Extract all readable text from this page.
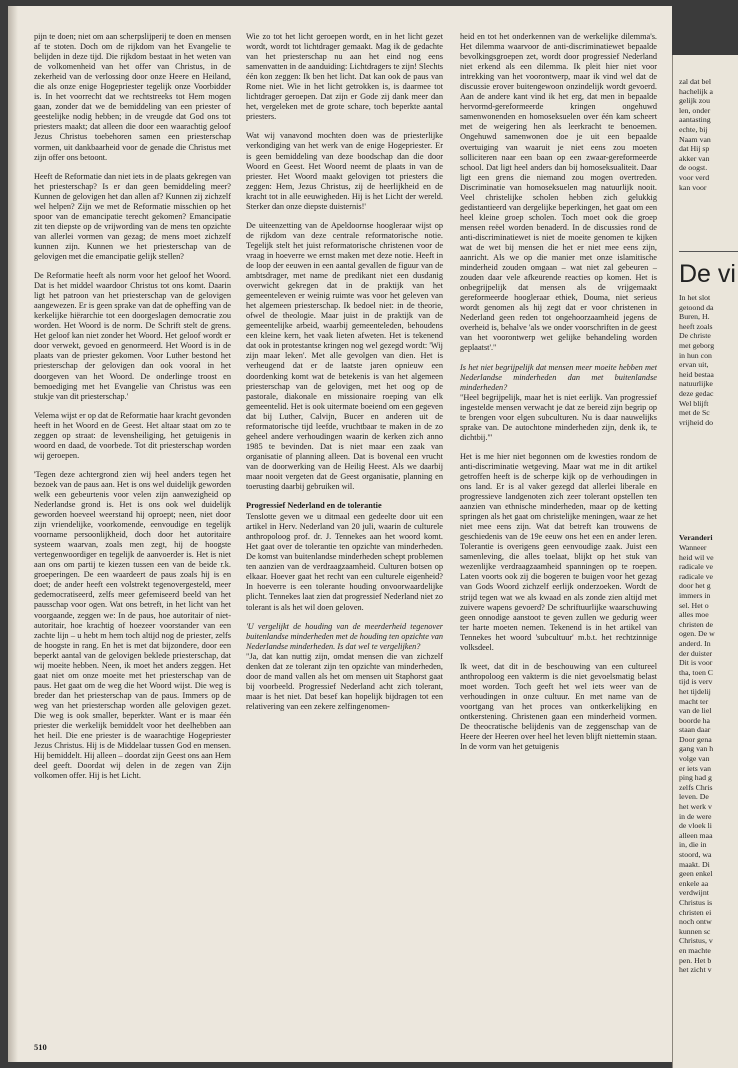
pijn te doen; niet om aan scherpslijperij te doen en mensen af te stoten. Doch om de rijkdom van het Evangelie te belijden in deze tijd. Die rijkdom bestaat in het weten van de volkomenheid van het offer van Christus, in de zekerheid van de verlossing door onze Heere en Heiland, die als onze enige Hogepriester tegelijk onze Voorbidder is. In het voorrecht dat we rechtstreeks tot Hem mogen gaan, zonder dat we de bemiddeling van een priester of geestelijke nodig hebben; in de vreugde dat God ons tot priesters maakt; dat alleen die door een waarachtig geloof Jezus Christus toebehoren samen een priesterschap vormen, uit dankbaarheid voor de genade die Christus met zijn offer ons betoont.

Heeft de Reformatie dan niet iets in de plaats gekregen van het priesterschap? Is er dan geen bemiddeling meer? Kunnen de gelovigen het dan allen af? Kunnen zij zichzelf wel helpen? Zijn we met de Reformatie misschien op het spoor van de emancipatie terecht gekomen? Emancipatie zit ten diepste op de vrijwording van de mens ten opzichte van allerlei vormen van gezag; de mens moet zichzelf kunnen zijn. Kunnen we het priesterschap van de gelovigen met die emancipatie gelijk stellen?

De Reformatie heeft als norm voor het geloof het Woord. Dat is het middel waardoor Christus tot ons komt. Daarin ligt het patroon van het priesterschap van de gelovigen aangewezen. Er is geen sprake van dat de opheffing van de kerkelijke hiërarchie tot een doorgeslagen democratie zou worden. Het Woord is de norm. De Schrift stelt de grens. Het geloof kan niet zonder het Woord. Het geloof wordt er door verwekt, gevoed en genormeerd. Het Woord is in de plaats van de priester gekomen. Voor Luther bestond het priesterschap der gelovigen dan ook vooral in het doorgeven van het Woord. De onderlinge troost en bemoediging met het Evangelie van Christus was een stukje van dit priesterschap.'

Velema wijst er op dat de Reformatie haar kracht gevonden heeft in het Woord en de Geest. Het altaar staat om zo te zeggen op straat: de levensheiliging, het getuigenis in woord en daad, de voorbede. Tot dit priesterschap worden wij geroepen.

'Tegen deze achtergrond zien wij heel anders tegen het bezoek van de paus aan. Het is ons wel duidelijk geworden welk een gebeurtenis voor velen zijn aanwezigheid op Nederlandse grond is. Het is ons ook wel duidelijk geworden hoeveel weerstand hij oproept; neen, niet door zijn vriendelijke, voorkomende, eenvoudige en tegelijk voorname persoonlijkheid, doch door het autoritaire systeem waarvan, zoals men zegt, hij de hoogste vertegenwoordiger en tegelijk de aanvoerder is. Het is niet aan ons om partij te kiezen tussen een van de beide r.k. groeperingen. De een waardeert de paus zoals hij is en doet; de ander heeft een volstrekt tegenovergesteld, meer gedemocratiseerd, zelfs meer gefemiseerd beeld van het pausschap voor ogen. Wat ons betreft, in het licht van het voorgaande, zeggen we: In de paus, hoe autoritair of niet-autoritair, hoe krachtig of hoezeer voorstander van een zachte lijn – u hebt m hem toch altijd nog de priester, zelfs de hoogste in rang. En het is met dat bijzondere, door een beperkt aantal van de gelovigen beklede priesterschap, dat wij moeite hebben. Neen, ik moet het anders zeggen. Het gaat niet om onze moeite met het priesterschap van de paus. Het gaat om de weg die het Woord wijst. Die weg is breder dan het priesterschap van de paus. Immers op de weg van het priesterschap worden alle gelovigen gezet. Die weg is ook smaller, beperkter. Want er is maar één priester die werkelijk bemiddelt voor het deelhebben aan het heil. Die ene priester is de waarachtige Hogepriester Jezus Christus. Hij is de Middelaar tussen God en mensen. Hij bemiddelt. Hij alleen – doordat zijn Geest ons aan Hem deel geeft. Doordat wij delen in de zegen van Zijn volkomen offer. Hij is het Licht.

Wie zo tot het licht geroepen wordt, en in het licht gezet wordt, wordt tot lichtdrager gemaakt. Mag ik de gedachte van het priesterschap nu aan het eind nog eens samenvatten in de aanduiding: Lichtdragers te zijn! Slechts één kon zeggen: Ik ben het licht. Dat kan ook de paus van Rome niet. Wie in het licht getrokken is, is daarmee tot lichtdrager geroepen. Dat zijn er Gode zij dank meer dan het, vergeleken met de grote schare, toch beperkte aantal priesters.

Wat wij vanavond mochten doen was de priesterlijke verkondiging van het werk van de enige Hogepriester. Er is geen bemiddeling van deze boodschap dan die door Woord en Geest. Het Woord neemt de plaats in van de priester. Het Woord maakt gelovigen tot priesters die zeggen: Hem, Jezus Christus, zij de heerlijkheid en de kracht tot in alle eeuwigheden. Hij is het Licht der wereld. Sterker dan onze diepste duisternis!'

De uiteenzetting van de Apeldoornse hoogleraar wijst op de rijkdom van deze centrale reformatorische notie. Tegelijk stelt het juist reformatorische christenen voor de vraag in hoeverre we ernst maken met deze notie. Heeft in de loop der eeuwen in een aantal gevallen de figuur van de ambtsdrager, met name de predikant niet een dusdanig overwicht gekregen dat in de praktijk van het gemeenteleven er weinig ruimte was voor het geleven van het algemeen priesterschap. Ik bedoel niet: in de theorie, ofwel de theologie. Maar juist in de praktijk van de gemeentelijke arbeid, waarbij gemeenteleden, behoudens een kleine kern, het vaak lieten afweten. Het is tekenend dat ook in protestantse kringen nog wel gezegd wordt: 'Wij zijn maar leken'. Met alle gevolgen van dien. Het is verheugend dat er de laatste jaren opnieuw een doordenking komt wat de betekenis is van het algemeen priesterschap van de gelovigen, met het oog op de pastorale, diakonale en missionaire roeping van elk gemeentelid. Het is ook uitermate boeiend om een gegeven dat bij Luther, Calvijn, Bucer en anderen uit de reformatorische tijd leefde, vruchtbaar te maken in de zo geheel andere verhoudingen waarin de kerken zich anno 1985 te bevinden. Dat is niet maar een zaak van organisatie of planning alleen. Dat is bovenal een vrucht van de doorwerking van de Heilig Heest. Als we daarbij maar nooit vergeten dat de Geest organisatie, planning en toerusting daarbij gebruiken wil.

Progressief Nederland en de tolerantie

Tenslotte geven we u ditmaal een gedeelte door uit een artikel in Herv. Nederland van 20 juli, waarin de culturele anthropoloog prof. dr. J. Tennekes aan het woord komt. Het gaat over de tolerantie ten opzichte van minderheden. De komst van buitenlandse minderheden schept problemen ten aanzien van de verdraagzaamheid. Culturen botsen op elkaar. Hoever gaat het recht van een culturele eigenheid? In hoeverre is een tolerante houding onvoorwaardelijke plicht. Tennekes laat zien dat progressief Nederland niet zo tolerant is als het wil doen geloven.

'U vergelijkt de houding van de meerderheid tegenover buitenlandse minderheden met de houding ten opzichte van Nederlandse minderheden. Is dat wel te vergelijken?

"Ja, dat kan nuttig zijn, omdat mensen die van zichzelf denken dat ze tolerant zijn ten opzichte van minderheden, door de mand vallen als het om mensen uit Staphorst gaat bij voorbeeld. Progressief Nederland acht zich tolerant, maar is het niet. Dat besef kan hopelijk bijdragen tot een relativering van een zekere zelfingenomen-

heid en tot het onderkennen van de werkelijke dilemma's. Het dilemma waarvoor de anti-discriminatiewet bepaalde bevolkingsgroepen zet, wordt door progressief Nederland niet erkend als een dilemma. Ik pleit hier niet voor intrekking van het voorontwerp, maar ik vind wel dat de discussie erover buitengewoon onzindelijk wordt gevoerd. Aan de andere kant vind ik het erg, dat men in bepaalde hervormd-gereformeerde kringen ongehuwd samenwonenden en homoseksuelen over één kam scheert met de weigering hen als leerkracht te benoemen. Ongehuwd samenwonen doe je uit een bepaalde overtuiging van waaruit je niet eens zou moeten solliciteren naar een baan op een zwaar-gereformeerde school. Dat ligt heel anders dan bij homoseksualiteit. Daar ligt een grens die niemand zou mogen overtreden. Discriminatie van homoseksuelen mag natuurlijk nooit. Veel christelijke scholen hebben zich gelukkig gedistantieerd van dergelijke beperkingen, het gaat om een heel kleine groep scholen. Toch moet ook die groep mensen reëel worden benaderd. In de discussies rond de anti-discriminatiewet is niet de moeite genomen te kijken wat de wet bij mensen die het er niet mee eens zijn, aanricht. Als we op die manier met onze islamitische minderheid zouden omgaan – wat niet zal gebeuren – zouden daar vele afkeurende reacties op komen. Het is onbegrijpelijk dat mensen als de vrijgemaakt gereformeerde hoogleraar ethiek, Douma, niet serieus wordt genomen als hij zegt dat er voor christenen in Nederland geen reden tot ongehoorzaamheid jegens de overheid is, behalve 'als we onder voorschriften in de geest van het voorontwerp wet gelijke behandeling worden geplaatst'."

Is het niet begrijpelijk dat mensen meer moeite hebben met Nederlandse minderheden dan met buitenlandse minderheden?

"Heel begrijpelijk, maar het is niet eerlijk. Van progressief ingestelde mensen verwacht je dat ze bereid zijn begrip op te brengen voor elgen subculturen. Nu is daar nauwelijks sprake van. De autochtone minderheden zijn, denk ik, te dichtbij."'

Het is me hier niet begonnen om de kwesties rondom de anti-discriminatie wetgeving. Maar wat me in dit artikel getroffen heeft is de scherpe kijk op de verhoudingen in ons land. Er is al vaker gezegd dat allerlei liberale en progressieve landgenoten zich zeer tolerant opstellen ten aanzien van ethnische minderheden, maar op de ketting springen als het gaat om christelijke meningen, waar ze het niet mee eens zijn. Wat dat betreft kan trouwens de geschiedenis van de 19e eeuw ons het een en ander leren. Tolerantie is overigens geen eenvoudige zaak. Juist een samenleving, die alles toelaat, blijkt op het stuk van wezenlijke verdraagzaamheid spanningen op te roepen. Laten voorts ook zij die bogeren te buigen voor het gezag van Gods Woord zichzelf eerlijk onderzoeken. Wordt de strijd tegen wat we als kwaad en als zonde zien altijd met zuivere wapens gevoerd? De schriftuurlijke waarschuwing geen onnodige aanstoot te geven zullen we gedurig weer ter harte moeten nemen. Tekenend is in het artikel van Tennekes het woord 'subcultuur' m.b.t. het rechtzinnige volksdeel.

Ik weet, dat dit in de beschouwing van een cultureel anthropoloog een vakterm is die niet gevoelsmatig belast moet worden. Toch geeft het wel iets weer van de verhoudingen in onze cultuur. En met name van de voortgang van het proces van ontkerkelijking en ontkerstening. Christenen gaan een minderheid vormen. De theocratische belijdenis van de zeggenschap van de Heere der Heeren over heel het leven blijft niettemin staan. In de vorm van het getuigenis

510
zal dat bel
hachelijk a
gelijk zou
len, onder
aantasting
echte, bij
Naam van
dat Hij sp
akker van
de oogst.
voor verd
kan voor
De vi
In het slot
getoond da
Buren, H.
heeft zoals
De christe
met geborg
in hun con
ervan uit,
heid bestaa
natuurlijke
deze gedac
Wel blijft
met de Sc
vrijheid do
Veranderi
Wanneer
heid wil ve
radicale ve
radicale ve
door het g
immers in
sel. Het o
alles moe
christen de
ogen. De w
anderd. In
der duister
Dit is voor
tha, toen C
tijd is verv
het tijdelij
macht ter
van de liel
boorde ha
staan daar
Door gena
gang van h
volge van
er iets van
ping had g
zelfs Chris
leven. De
het werk v
in de were
de vloek li
alleen maa
in, die in
stoord, wa
maakt. Di
geen enkel
enkele aa
verdwijnt
Christus is
christen ei
noch ontw
kunnen sc
Christus, v
en machte
pen. Het b
het zicht v
